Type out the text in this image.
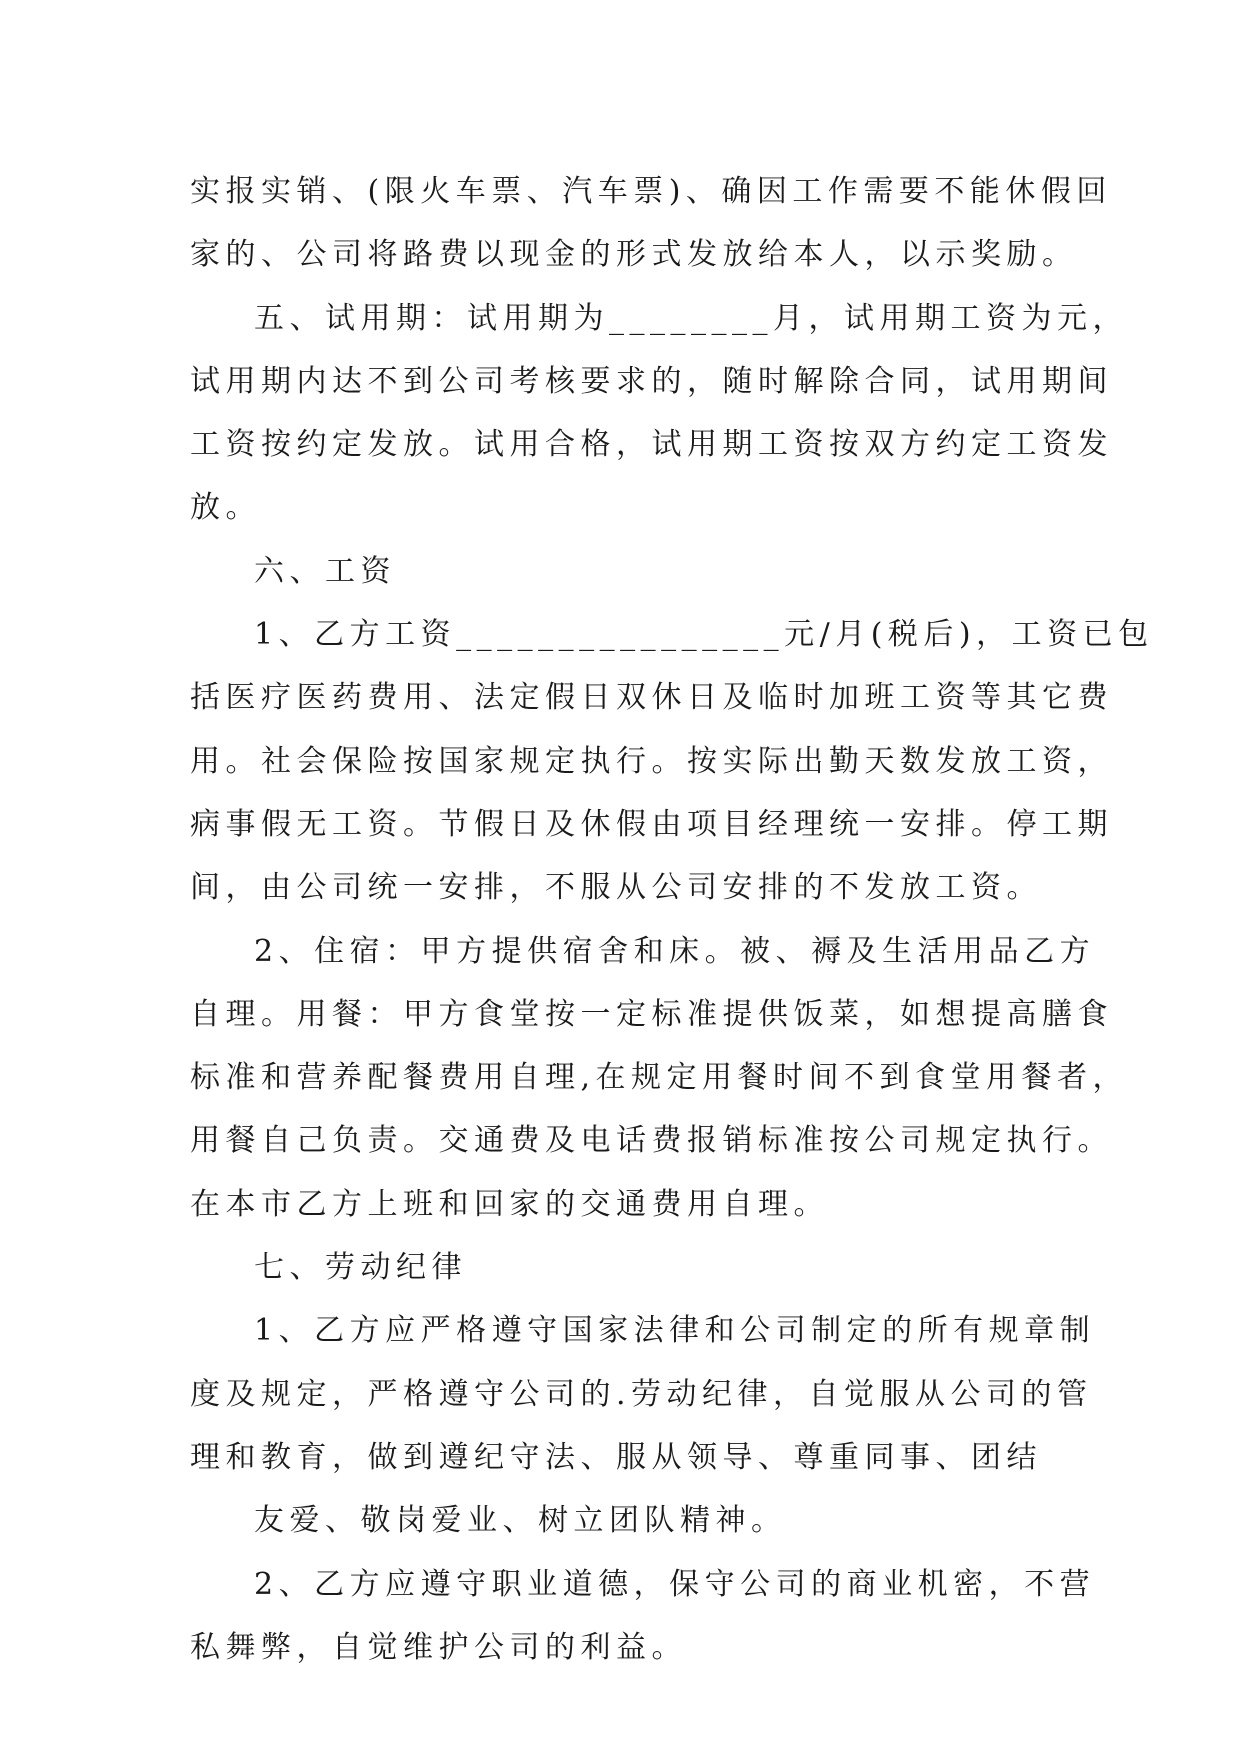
实报实销、(限火车票、汽车票)、确因工作需要不能休假回
家的、公司将路费以现金的形式发放给本人，以示奖励。
五、试用期：试用期为________月，试用期工资为元，
试用期内达不到公司考核要求的，随时解除合同，试用期间
工资按约定发放。试用合格，试用期工资按双方约定工资发
放。
六、工资
1、乙方工资________________元/月(税后)，工资已包
括医疗医药费用、法定假日双休日及临时加班工资等其它费
用。社会保险按国家规定执行。按实际出勤天数发放工资，
病事假无工资。节假日及休假由项目经理统一安排。停工期
间，由公司统一安排，不服从公司安排的不发放工资。
2、住宿：甲方提供宿舍和床。被、褥及生活用品乙方
自理。用餐：甲方食堂按一定标准提供饭菜，如想提高膳食
标准和营养配餐费用自理,在规定用餐时间不到食堂用餐者，
用餐自己负责。交通费及电话费报销标准按公司规定执行。
在本市乙方上班和回家的交通费用自理。
七、劳动纪律
1、乙方应严格遵守国家法律和公司制定的所有规章制
度及规定，严格遵守公司的.劳动纪律，自觉服从公司的管
理和教育，做到遵纪守法、服从领导、尊重同事、团结
友爱、敬岗爱业、树立团队精神。
2、乙方应遵守职业道德，保守公司的商业机密，不营
私舞弊，自觉维护公司的利益。
